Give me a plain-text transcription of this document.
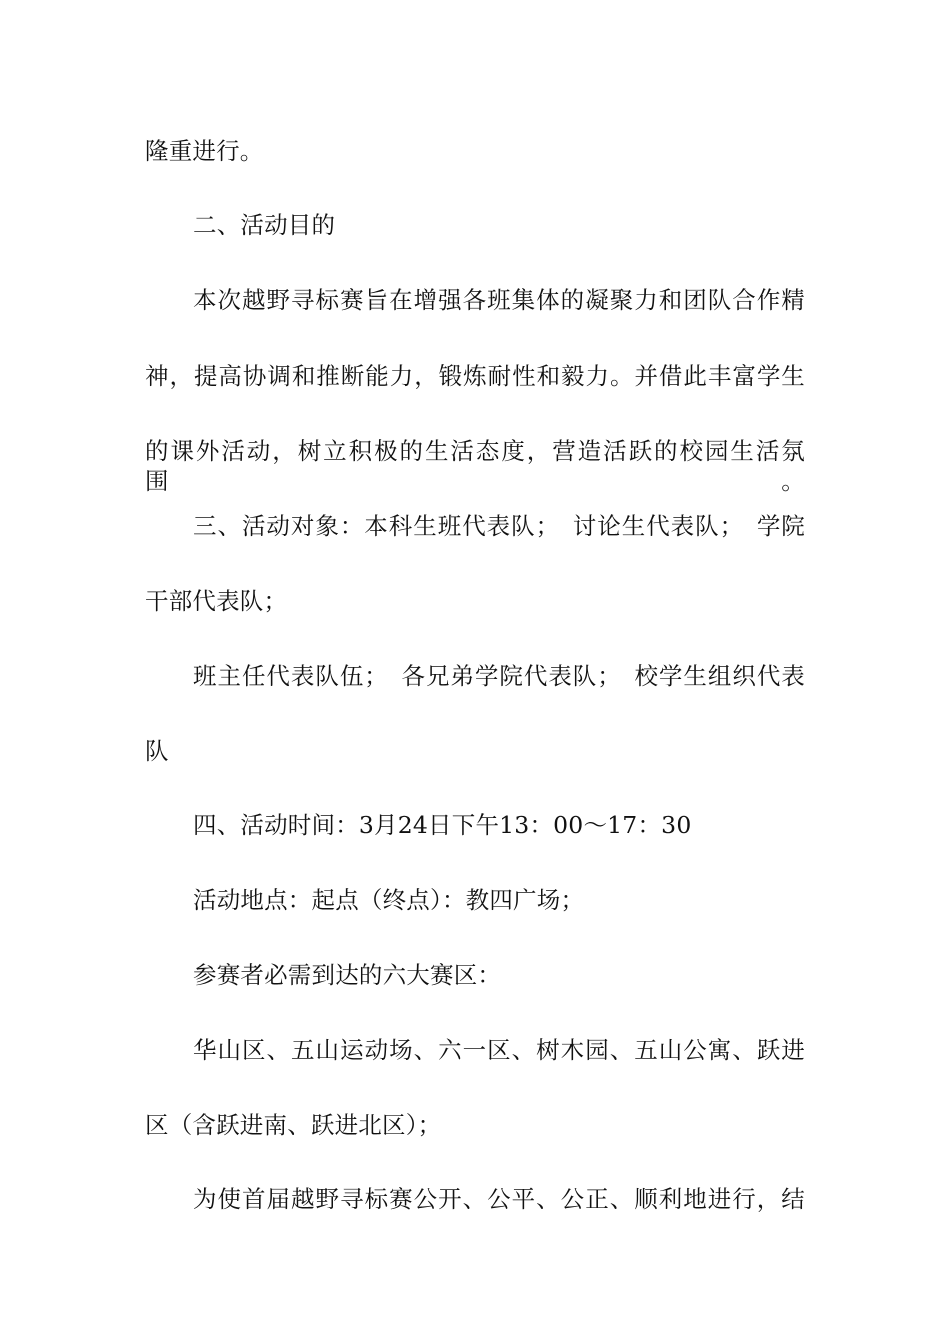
隆重进行。
二、活动目的
本次越野寻标赛旨在增强各班集体的凝聚力和团队合作精
神，提高协调和推断能力，锻炼耐性和毅力。并借此丰富学生
的课外活动，树立积极的生活态度，营造活跃的校园生活氛围。
三、活动对象：本科生班代表队；　讨论生代表队；　学院
干部代表队；
班主任代表队伍；　各兄弟学院代表队；　校学生组织代表
队
四、活动时间：3月24日下午13：00～17：30
活动地点：起点（终点）：教四广场；
参赛者必需到达的六大赛区：
华山区、五山运动场、六一区、树木园、五山公寓、跃进
区（含跃进南、跃进北区）；
为使首届越野寻标赛公开、公平、公正、顺利地进行，结
